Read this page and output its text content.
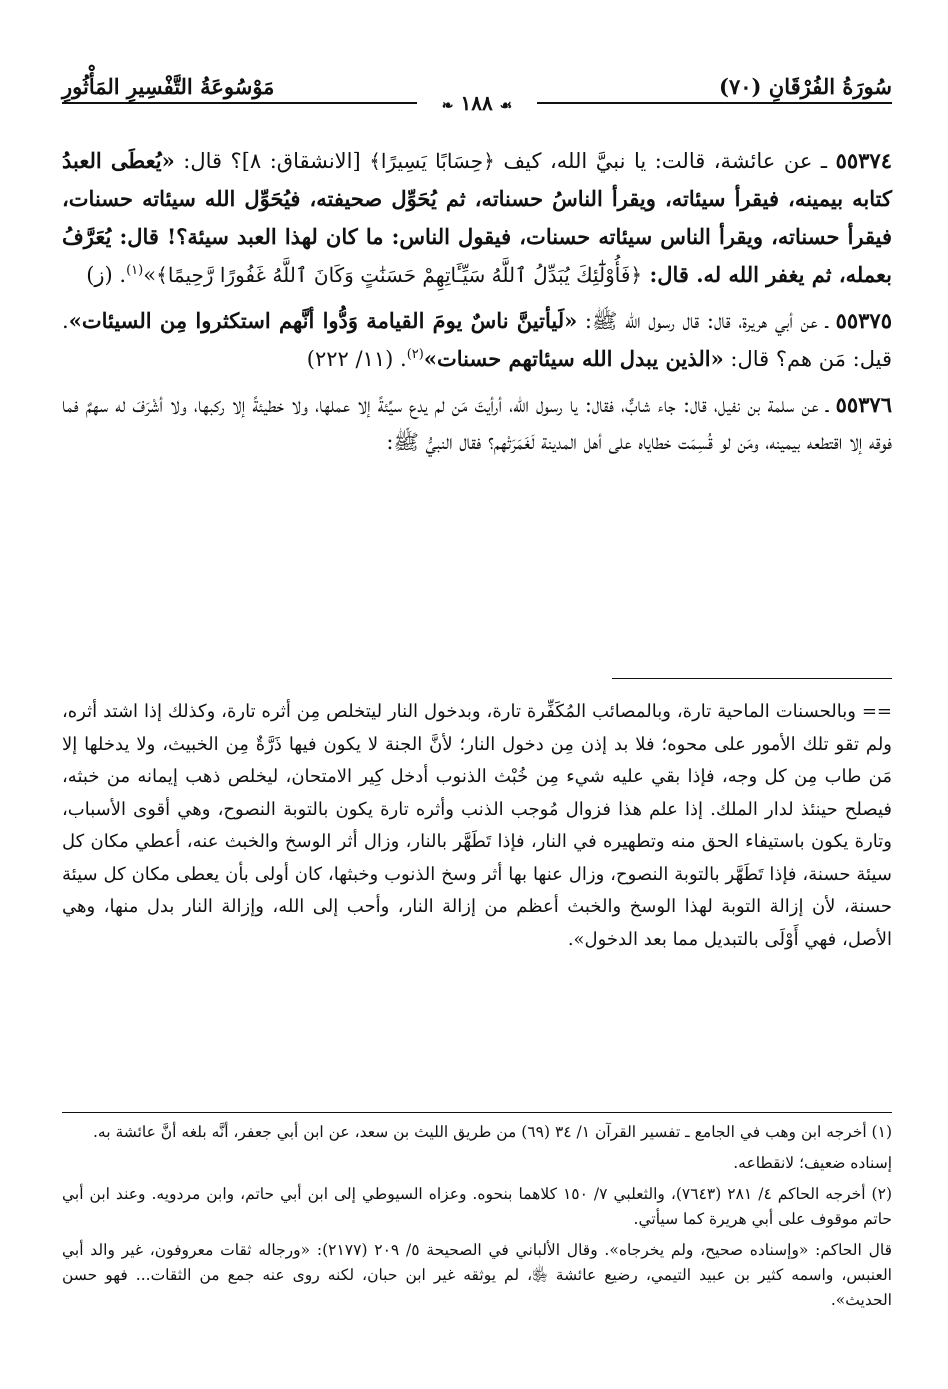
سُورَةُ الفُرْقَانِ (٧٠)
مَوْسُوعَةُ التَّفْسِيرِ المَأْثُورِ
☙ ١٨٨ ❧

٥٥٣٧٤ ـ عن عائشة، قالت: يا نبيَّ الله، كيف ﴿حِسَابًا يَسِيرًا﴾ [الانشقاق: ٨]؟ قال: «يُعطَى العبدُ كتابه بيمينه، فيقرأ سيئاته، ويقرأ الناسُ حسناته، ثم يُحَوِّل صحيفته، فيُحَوِّل الله سيئاته حسنات، فيقرأ حسناته، ويقرأ الناس سيئاته حسنات، فيقول الناس: ما كان لهذا العبد سيئة؟! قال: يُعَرَّفُ بعمله، ثم يغفر الله له. قال: ﴿فَأُوْلَٰٓئِكَ يُبَدِّلُ ٱللَّهُ سَيِّـَٔاتِهِمْ حَسَنَٰتٍ وَكَانَ ٱللَّهُ غَفُورًا رَّحِيمًا﴾»$^{(١)}$. (ز)

٥٥٣٧٥ ـ عن أبي هريرة، قال: قال رسول الله ﷺ: «لَيأتينَّ ناسٌ يومَ القيامة وَدُّوا أنَّهم استكثروا مِن السيئات». قيل: مَن هم؟ قال: «الذين يبدل الله سيئاتهم حسنات»$^{(٢)}$. (١١/ ٢٢٢)

٥٥٣٧٦ ـ عن سلمة بن نفيل، قال: جاء شابٌّ، فقال: يا رسول الله، أرأيتَ مَن لم يدع سيِّئةً إلا عملها، ولا خطيئةً إلا ركبها، ولا أشْرَفَ له سهمٌ فما فوقه إلا اقتطعه بيمينه، ومَن لو قُسِمَت خطاياه على أهل المدينة لَغَمَرَتْهم؟ فقال النبيُّ ﷺ:

== وبالحسنات الماحية تارة، وبالمصائب المُكَفِّرة تارة، وبدخول النار ليتخلص مِن أثره تارة، وكذلك إذا اشتد أثره، ولم تقو تلك الأمور على محوه؛ فلا بد إذن مِن دخول النار؛ لأنَّ الجنة لا يكون فيها ذَرَّةٌ مِن الخبيث، ولا يدخلها إلا مَن طاب مِن كل وجه، فإذا بقي عليه شيء مِن خُبْث الذنوب أدخل كِير الامتحان، ليخلص ذهب إيمانه من خبثه، فيصلح حينئذ لدار الملك. إذا علم هذا فزوال مُوجب الذنب وأثره تارة يكون بالتوبة النصوح، وهي أقوى الأسباب، وتارة يكون باستيفاء الحق منه وتطهيره في النار، فإذا تَطَهَّر بالنار، وزال أثر الوسخ والخبث عنه، أعطي مكان كل سيئة حسنة، فإذا تَطَهَّر بالتوبة النصوح، وزال عنها بها أثر وسخ الذنوب وخبثها، كان أولى بأن يعطى مكان كل سيئة حسنة، لأن إزالة التوبة لهذا الوسخ والخبث أعظم من إزالة النار، وأحب إلى الله، وإزالة النار بدل منها، وهي الأصل، فهي أَوْلَى بالتبديل مما بعد الدخول».
(١) أخرجه ابن وهب في الجامع ـ تفسير القرآن ١/ ٣٤ (٦٩) من طريق الليث بن سعد، عن ابن أبي جعفر، أنَّه بلغه أنَّ عائشة به.
إسناده ضعيف؛ لانقطاعه.
(٢) أخرجه الحاكم ٤/ ٢٨١ (٧٦٤٣)، والثعلبي ٧/ ١٥٠ كلاهما بنحوه. وعزاه السيوطي إلى ابن أبي حاتم، وابن مردويه. وعند ابن أبي حاتم موقوف على أبي هريرة كما سيأتي.
قال الحاكم: «وإسناده صحيح، ولم يخرجاه». وقال الألباني في الصحيحة ٥/ ٢٠٩ (٢١٧٧): «ورجاله ثقات معروفون، غير والد أبي العنبس، واسمه كثير بن عبيد التيمي، رضيع عائشة ﵂، لم يوثقه غير ابن حبان، لكنه روى عنه جمع من الثقات... فهو حسن الحديث».
